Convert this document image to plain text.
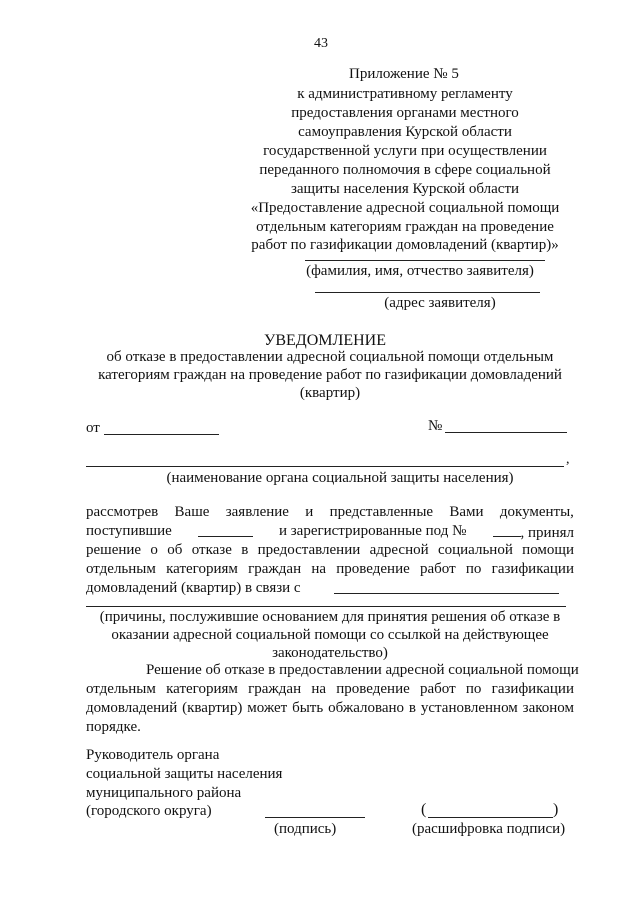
43
Приложение № 5
к административному регламенту
предоставления органами местного
самоуправления Курской области
государственной услуги при осуществлении
переданного полномочия в сфере социальной
защиты населения Курской области
«Предоставление адресной социальной помощи
отдельным категориям граждан на проведение
работ по газификации домовладений (квартир)»
(фамилия, имя, отчество заявителя)
(адрес заявителя)
УВЕДОМЛЕНИЕ
об отказе в предоставлении адресной социальной помощи отдельным
категориям граждан на проведение работ по газификации домовладений
(квартир)
от	№
,
(наименование органа социальной защиты населения)
рассмотрев Ваше заявление и представленные Вами документы,
поступившие	и зарегистрированные под №	, принял
решение о об отказе в предоставлении адресной социальной помощи
отдельным категориям граждан на проведение работ по газификации
домовладений (квартир) в связи с
(причины, послужившие основанием для принятия решения об отказе в
оказании адресной социальной помощи со ссылкой на действующее
законодательство)
Решение об отказе в предоставлении адресной социальной помощи
отдельным категориям граждан на проведение работ по газификации
домовладений (квартир) может быть обжаловано в установленном законом
порядке.
Руководитель органа
социальной защиты населения
муниципального района
(городского округа)	(	)
(подпись)	(расшифровка подписи)
